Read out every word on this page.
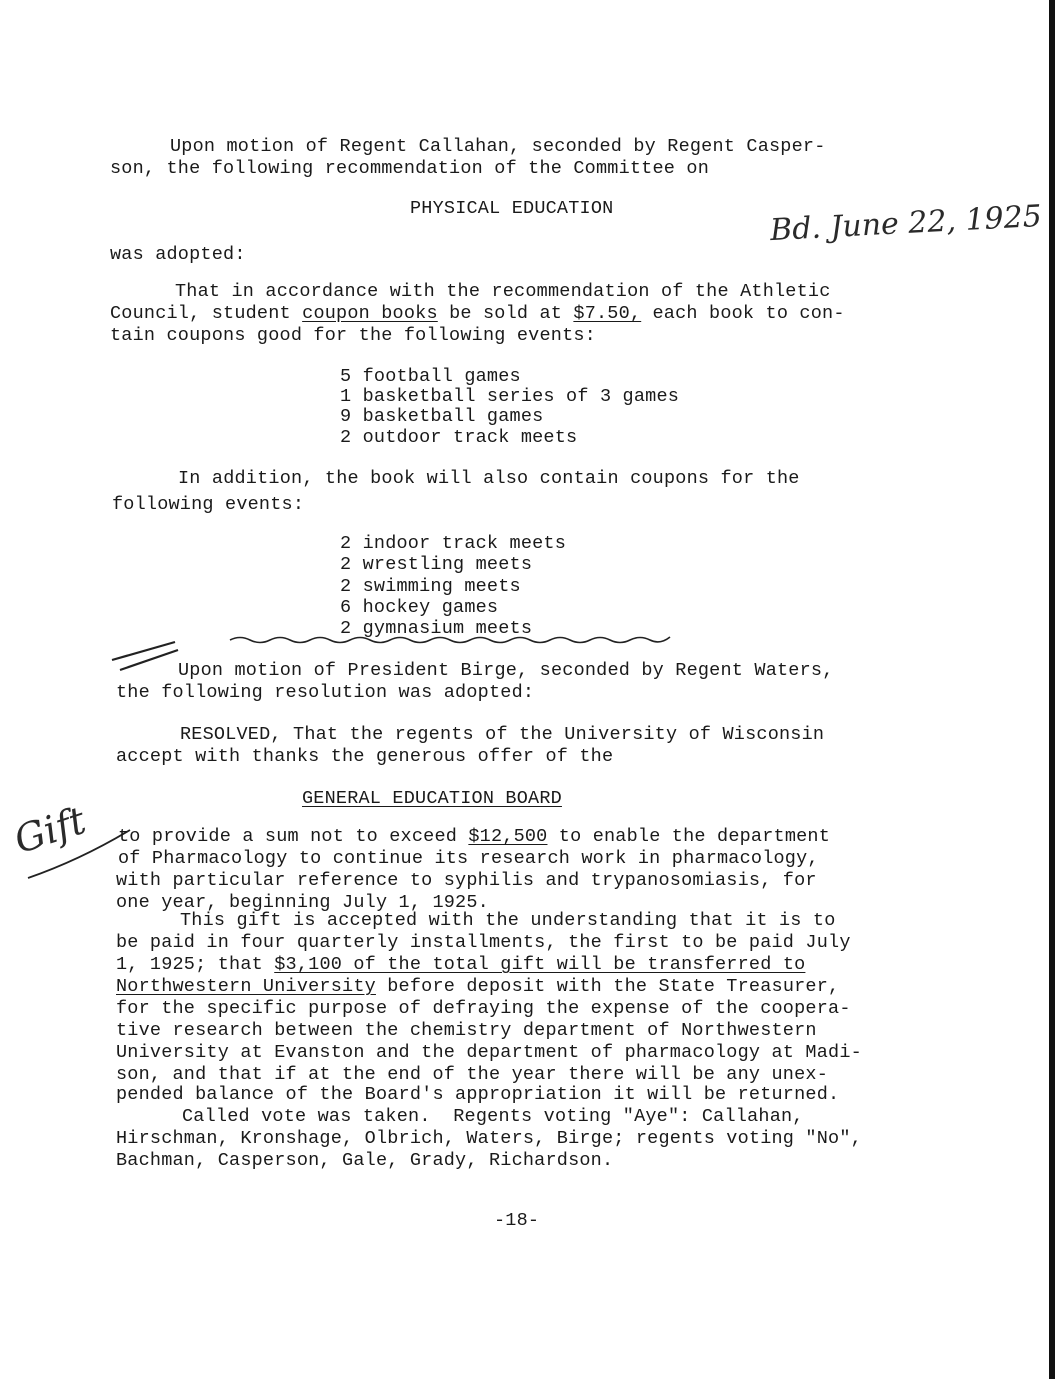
Bd. June 22, 1925
Gift
Upon motion of Regent Callahan, seconded by Regent Casper-
son, the following recommendation of the Committee on
PHYSICAL EDUCATION
was adopted:
That in accordance with the recommendation of the Athletic
Council, student coupon books be sold at $7.50, each book to con-
tain coupons good for the following events:
5 football games
1 basketball series of 3 games
9 basketball games
2 outdoor track meets
In addition, the book will also contain coupons for the
following events:
2 indoor track meets
2 wrestling meets
2 swimming meets
6 hockey games
2 gymnasium meets
Upon motion of President Birge, seconded by Regent Waters,
the following resolution was adopted:
RESOLVED, That the regents of the University of Wisconsin
accept with thanks the generous offer of the
GENERAL EDUCATION BOARD
to provide a sum not to exceed $12,500 to enable the department
of Pharmacology to continue its research work in pharmacology,
with particular reference to syphilis and trypanosomiasis, for
one year, beginning July 1, 1925.
This gift is accepted with the understanding that it is to
be paid in four quarterly installments, the first to be paid July
1, 1925; that $3,100 of the total gift will be transferred to
Northwestern University before deposit with the State Treasurer,
for the specific purpose of defraying the expense of the coopera-
tive research between the chemistry department of Northwestern
University at Evanston and the department of pharmacology at Madi-
son, and that if at the end of the year there will be any unex-
pended balance of the Board's appropriation it will be returned.
Called vote was taken.  Regents voting "Aye": Callahan,
Hirschman, Kronshage, Olbrich, Waters, Birge; regents voting "No",
Bachman, Casperson, Gale, Grady, Richardson.
-18-
